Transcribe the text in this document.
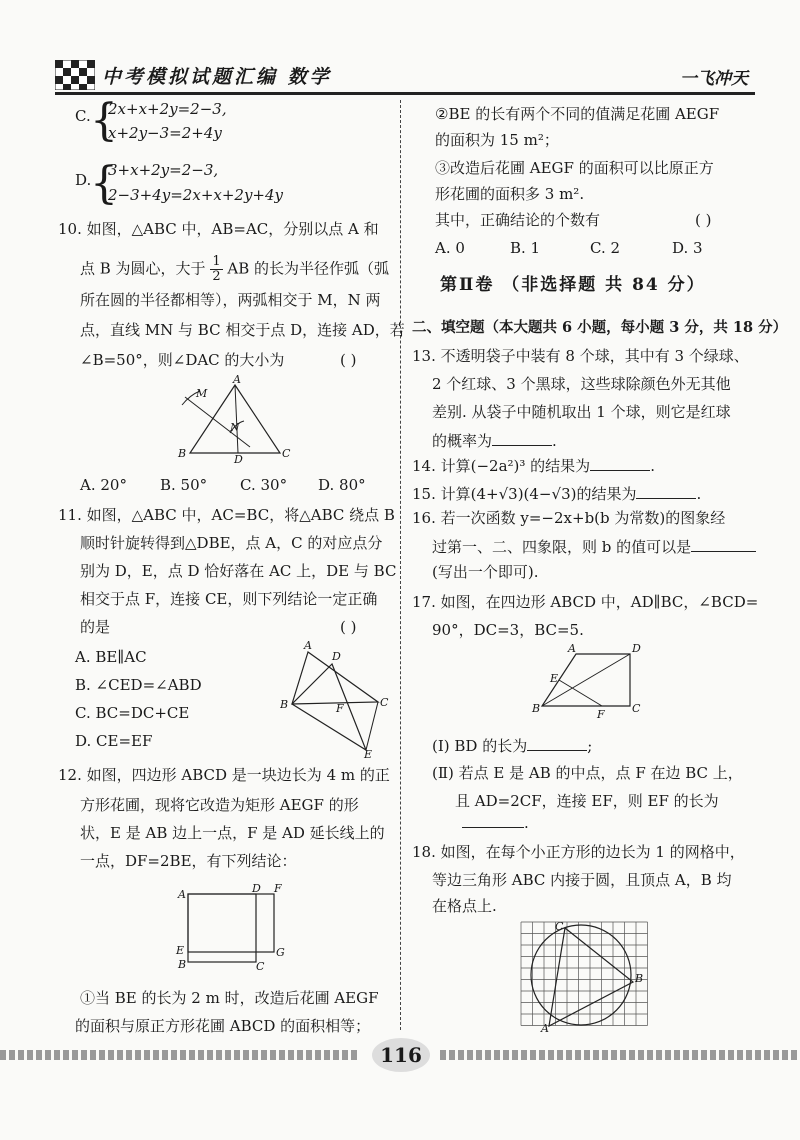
中考模拟试题汇编 数学	一飞冲天
C. {
2x+x+2y=2−3,
x+2y−3=2+4y
D.
{
3+x+2y=2−3,
2−3+4y=2x+x+2y+4y
10. 如图，△ABC 中，AB=AC，分别以点 A 和
点 B 为圆心，大于 $\frac{1}{2}$ AB 的长为半径作弧（弧
所在圆的半径都相等），两弧相交于 M，N 两
点，直线 MN 与 BC 相交于点 D，连接 AD，若
∠B=50°，则∠DAC 的大小为	( )
A
B	C
D
M
N
A. 20° B. 50° C. 30° D. 80°
11. 如图，△ABC 中，AC=BC，将△ABC 绕点 B
顺时针旋转得到△DBE，点 A，C 的对应点分
别为 D，E，点 D 恰好落在 AC 上，DE 与 BC
相交于点 F，连接 CE，则下列结论一定正确
的是	( )
A. BE∥AC
B. ∠CED=∠ABD
C. BC=DC+CE
D. CE=EF
A
B	C
D
E
F
12. 如图，四边形 ABCD 是一块边长为 4 m 的正
方形花圃，现将它改造为矩形 AEGF 的形
状，E 是 AB 边上一点，F 是 AD 延长线上的
一点，DF=2BE，有下列结论：
A	D F
E
B	C
G
①当 BE 的长为 2 m 时，改造后花圃 AEGF
的面积与原正方形花圃 ABCD 的面积相等；
②BE 的长有两个不同的值满足花圃 AEGF
的面积为 15 m²；
③改造后花圃 AEGF 的面积可以比原正方
形花圃的面积多 3 m².
其中，正确结论的个数有	( )
A. 0	B. 1	C. 2	D. 3
第Ⅱ卷 （非选择题 共 84 分）
二、填空题（本大题共 6 小题，每小题 3 分，共 18 分）
13. 不透明袋子中装有 8 个球，其中有 3 个绿球、
2 个红球、3 个黑球，这些球除颜色外无其他
差别. 从袋子中随机取出 1 个球，则它是红球
的概率为	.
14. 计算(−2a²)³ 的结果为	.
15. 计算(4+√3)(4−√3)的结果为	.
16. 若一次函数 y=−2x+b(b 为常数)的图象经
过第一、二、四象限，则 b 的值可以是
(写出一个即可).
17. 如图，在四边形 ABCD 中，AD∥BC，∠BCD=
90°，DC=3，BC=5.
A	D
B	C
E
F
(Ⅰ) BD 的长为	;
(Ⅱ) 若点 E 是 AB 的中点，点 F 在边 BC 上，
且 AD=2CF，连接 EF，则 EF 的长为
.
18. 如图，在每个小正方形的边长为 1 的网格中，
等边三角形 ABC 内接于圆，且顶点 A，B 均
在格点上.
C
A
B
116
